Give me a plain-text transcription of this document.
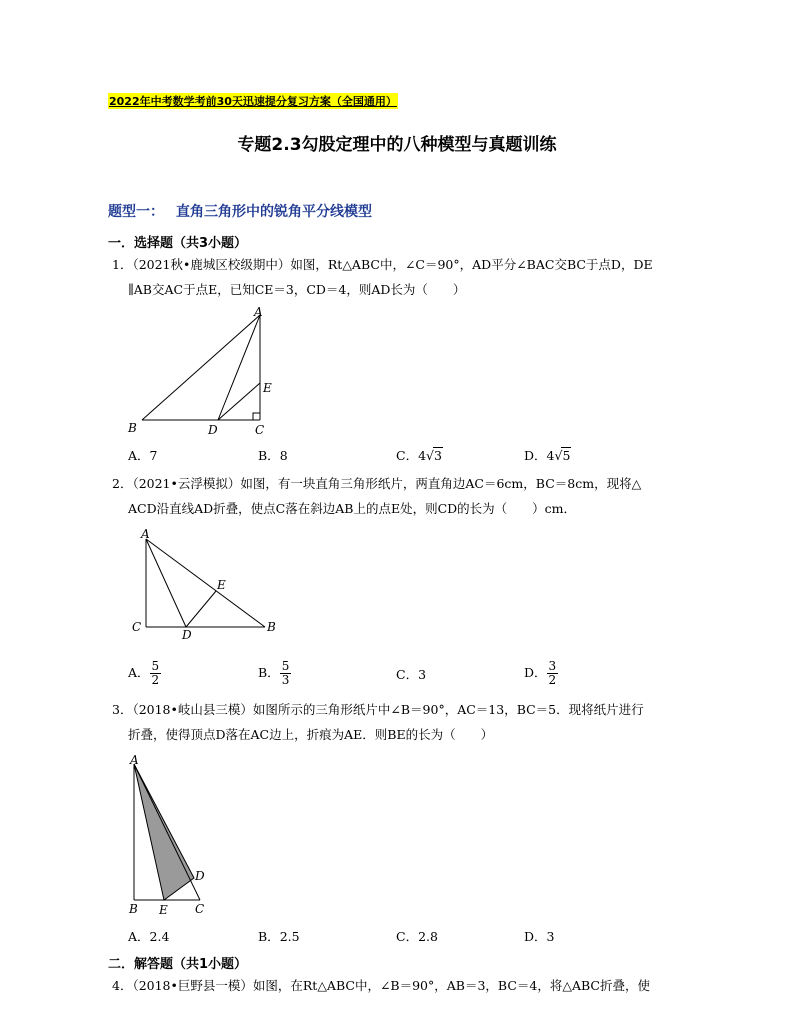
2022年中考数学考前30天迅速提分复习方案（全国通用）
专题2.3勾股定理中的八种模型与真题训练
题型一： 直角三角形中的锐角平分线模型
一．选择题（共3小题）
1．（2021秋•鹿城区校级期中）如图，Rt△ABC中，∠C＝90°，AD平分∠BAC交BC于点D，DE
∥AB交AC于点E，已知CE＝3，CD＝4，则AD长为（　　）
A
B	D	C
E
A．7	B．8	C．4√3	D．4√5
2．（2021•云浮模拟）如图，有一块直角三角形纸片，两直角边AC＝6cm，BC＝8cm，现将△
ACD沿直线AD折叠，使点C落在斜边AB上的点E处，则CD的长为（　　）cm．
A
C
D
B
E
A． $\frac{5}{2}$	B． $\frac{5}{3}$	C．3	D． $\frac{3}{2}$
3．（2018•岐山县三模）如图所示的三角形纸片中∠B＝90°，AC＝13，BC＝5．现将纸片进行
折叠，使得顶点D落在AC边上，折痕为AE．则BE的长为（　　）
A
B E C
D
A．2.4	B．2.5	C．2.8	D．3
二．解答题（共1小题）
4．（2018•巨野县一模）如图，在Rt△ABC中，∠B＝90°，AB＝3，BC＝4，将△ABC折叠，使
